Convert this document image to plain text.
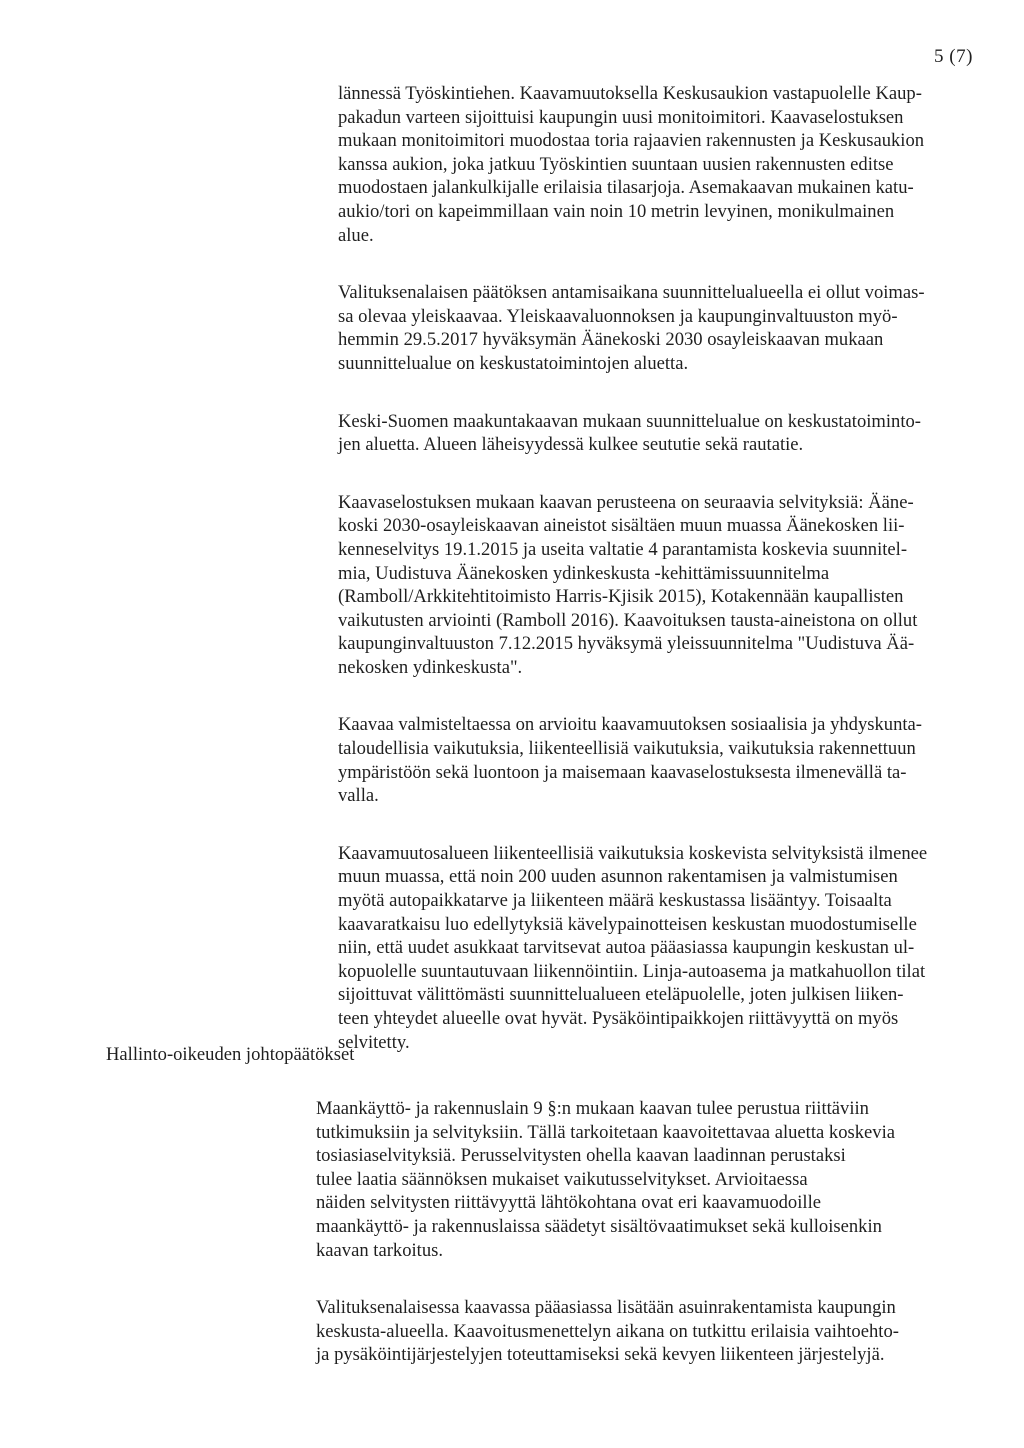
5 (7)
lännessä Työskintiehen. Kaavamuutoksella Keskusaukion vastapuolelle Kaup-
pakadun varteen sijoittuisi kaupungin uusi monitoimitori. Kaavaselostuksen
mukaan monitoimitori muodostaa toria rajaavien rakennusten ja Keskusaukion
kanssa aukion, joka jatkuu Työskintien suuntaan uusien rakennusten editse
muodostaen jalankulkijalle erilaisia tilasarjoja. Asemakaavan mukainen katu-
aukio/tori on kapeimmillaan vain noin 10 metrin levyinen, monikulmainen
alue.
Valituksenalaisen päätöksen antamisaikana suunnittelualueella ei ollut voimas-
sa olevaa yleiskaavaa. Yleiskaavaluonnoksen ja kaupunginvaltuuston myö-
hemmin 29.5.2017 hyväksymän Äänekoski 2030 osayleiskaavan mukaan
suunnittelualue on keskustatoimintojen aluetta.
Keski-Suomen maakuntakaavan mukaan suunnittelualue on keskustatoiminto-
jen aluetta. Alueen läheisyydessä kulkee seututie sekä rautatie.
Kaavaselostuksen mukaan kaavan perusteena on seuraavia selvityksiä: Ääne-
koski 2030-osayleiskaavan aineistot sisältäen muun muassa Äänekosken lii-
kenneselvitys 19.1.2015 ja useita valtatie 4 parantamista koskevia suunnitel-
mia, Uudistuva Äänekosken ydinkeskusta -kehittämissuunnitelma
(Ramboll/Arkkitehtitoimisto Harris-Kjisik 2015), Kotakennään kaupallisten
vaikutusten arviointi (Ramboll 2016). Kaavoituksen tausta-aineistona on ollut
kaupunginvaltuuston 7.12.2015 hyväksymä yleissuunnitelma "Uudistuva Ää-
nekosken ydinkeskusta".
Kaavaa valmisteltaessa on arvioitu kaavamuutoksen sosiaalisia ja yhdyskunta-
taloudellisia vaikutuksia, liikenteellisiä vaikutuksia, vaikutuksia rakennettuun
ympäristöön sekä luontoon ja maisemaan kaavaselostuksesta ilmenevällä ta-
valla.
Kaavamuutosalueen liikenteellisiä vaikutuksia koskevista selvityksistä ilmenee
muun muassa, että noin 200 uuden asunnon rakentamisen ja valmistumisen
myötä autopaikkatarve ja liikenteen määrä keskustassa lisääntyy. Toisaalta
kaavaratkaisu luo edellytyksiä kävelypainotteisen keskustan muodostumiselle
niin, että uudet asukkaat tarvitsevat autoa pääasiassa kaupungin keskustan ul-
kopuolelle suuntautuvaan liikennöintiin. Linja-autoasema ja matkahuollon tilat
sijoittuvat välittömästi suunnittelualueen eteläpuolelle, joten julkisen liiken-
teen yhteydet alueelle ovat hyvät. Pysäköintipaikkojen riittävyyttä on myös
selvitetty.
Hallinto-oikeuden johtopäätökset
Maankäyttö- ja rakennuslain 9 §:n mukaan kaavan tulee perustua riittäviin
tutkimuksiin ja selvityksiin. Tällä tarkoitetaan kaavoitettavaa aluetta koskevia
tosiasiaselvityksiä. Perusselvitysten ohella kaavan laadinnan perustaksi
tulee laatia säännöksen mukaiset vaikutusselvitykset. Arvioitaessa
näiden selvitysten riittävyyttä lähtökohtana ovat eri kaavamuodoille
maankäyttö- ja rakennuslaissa säädetyt sisältövaatimukset sekä kulloisenkin
kaavan tarkoitus.
Valituksenalaisessa kaavassa pääasiassa lisätään asuinrakentamista kaupungin
keskusta-alueella. Kaavoitusmenettelyn aikana on tutkittu erilaisia vaihtoehto-
ja pysäköintijärjestelyjen toteuttamiseksi sekä kevyen liikenteen järjestelyjä.
